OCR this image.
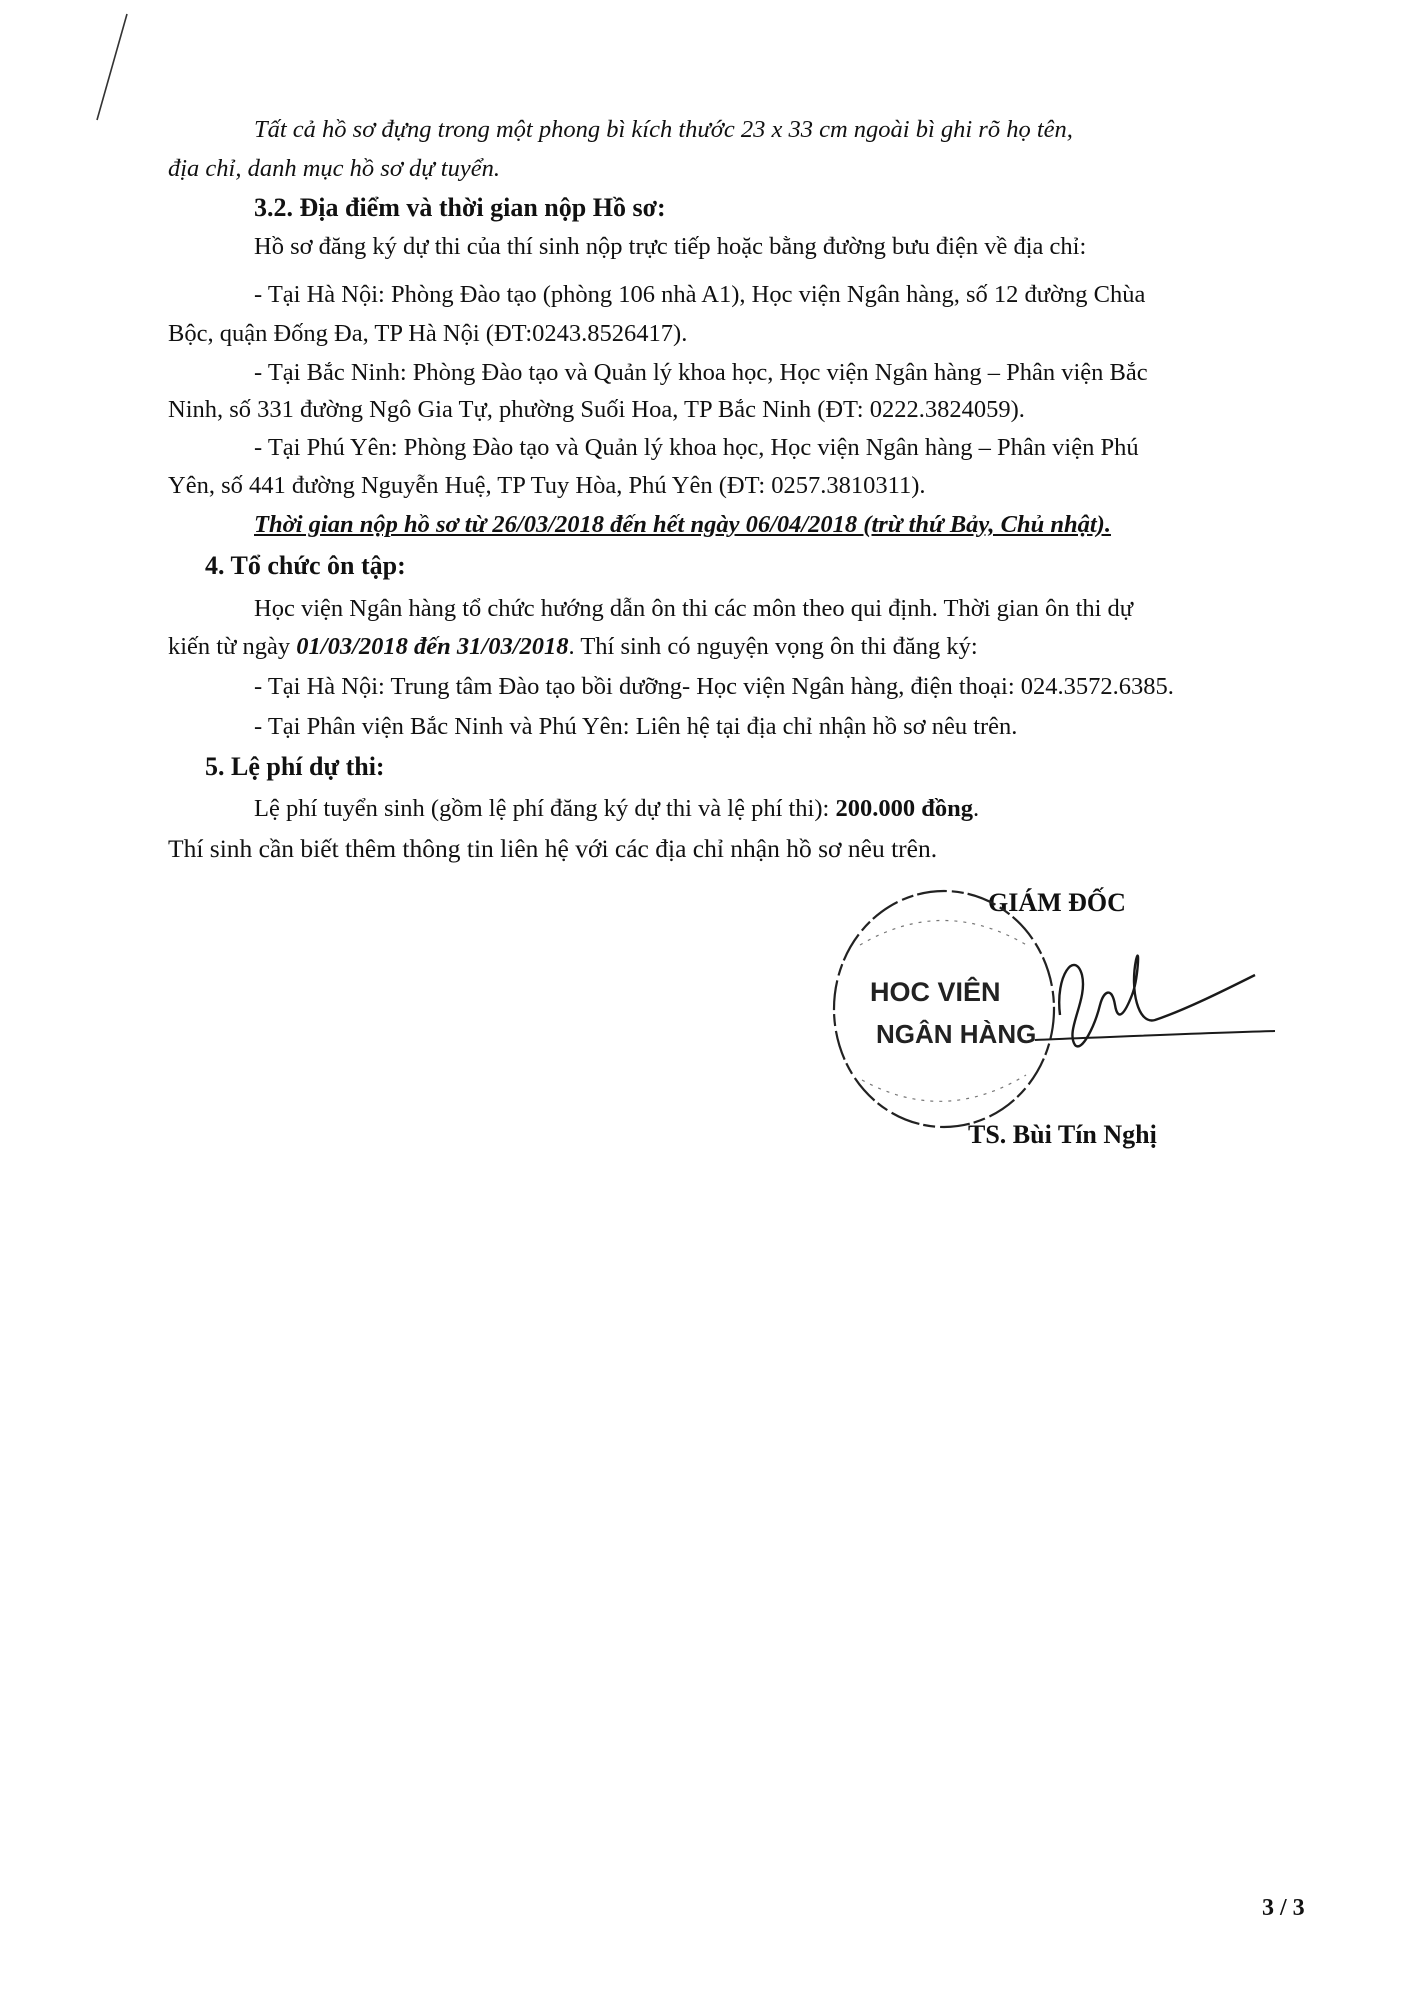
Tất cả hồ sơ đựng trong một phong bì kích thước 23 x 33 cm ngoài bì ghi rõ họ tên,
địa chỉ, danh mục hồ sơ dự tuyển.
3.2. Địa điểm và thời gian nộp Hồ sơ:
Hồ sơ đăng ký dự thi của thí sinh nộp trực tiếp hoặc bằng đường bưu điện về địa chỉ:
- Tại Hà Nội: Phòng Đào tạo (phòng 106 nhà A1), Học viện Ngân hàng, số 12 đường Chùa
Bộc, quận Đống Đa, TP Hà Nội (ĐT:0243.8526417).
- Tại Bắc Ninh: Phòng Đào tạo và Quản lý khoa học, Học viện Ngân hàng – Phân viện Bắc
Ninh, số 331 đường Ngô Gia Tự, phường Suối Hoa, TP Bắc Ninh (ĐT: 0222.3824059).
- Tại Phú Yên: Phòng Đào tạo và Quản lý khoa học, Học viện Ngân hàng – Phân viện Phú
Yên, số 441 đường Nguyễn Huệ, TP Tuy Hòa, Phú Yên (ĐT: 0257.3810311).
Thời gian nộp hồ sơ từ 26/03/2018 đến hết ngày 06/04/2018 (trừ thứ Bảy, Chủ nhật).
4. Tổ chức ôn tập:
Học viện Ngân hàng tổ chức hướng dẫn ôn thi các môn theo qui định. Thời gian ôn thi dự
kiến từ ngày 01/03/2018 đến 31/03/2018. Thí sinh có nguyện vọng ôn thi đăng ký:
- Tại Hà Nội: Trung tâm Đào tạo bồi dưỡng- Học viện Ngân hàng, điện thoại: 024.3572.6385.
- Tại Phân viện Bắc Ninh và Phú Yên: Liên hệ tại địa chỉ nhận hồ sơ nêu trên.
5. Lệ phí dự thi:
Lệ phí tuyển sinh (gồm lệ phí đăng ký dự thi và lệ phí thi): 200.000 đồng.
Thí sinh cần biết thêm thông tin liên hệ với các địa chỉ nhận hồ sơ nêu trên.
GIÁM ĐỐC
HOC VIÊN
NGÂN HÀNG
TS. Bùi Tín Nghị
3 / 3
